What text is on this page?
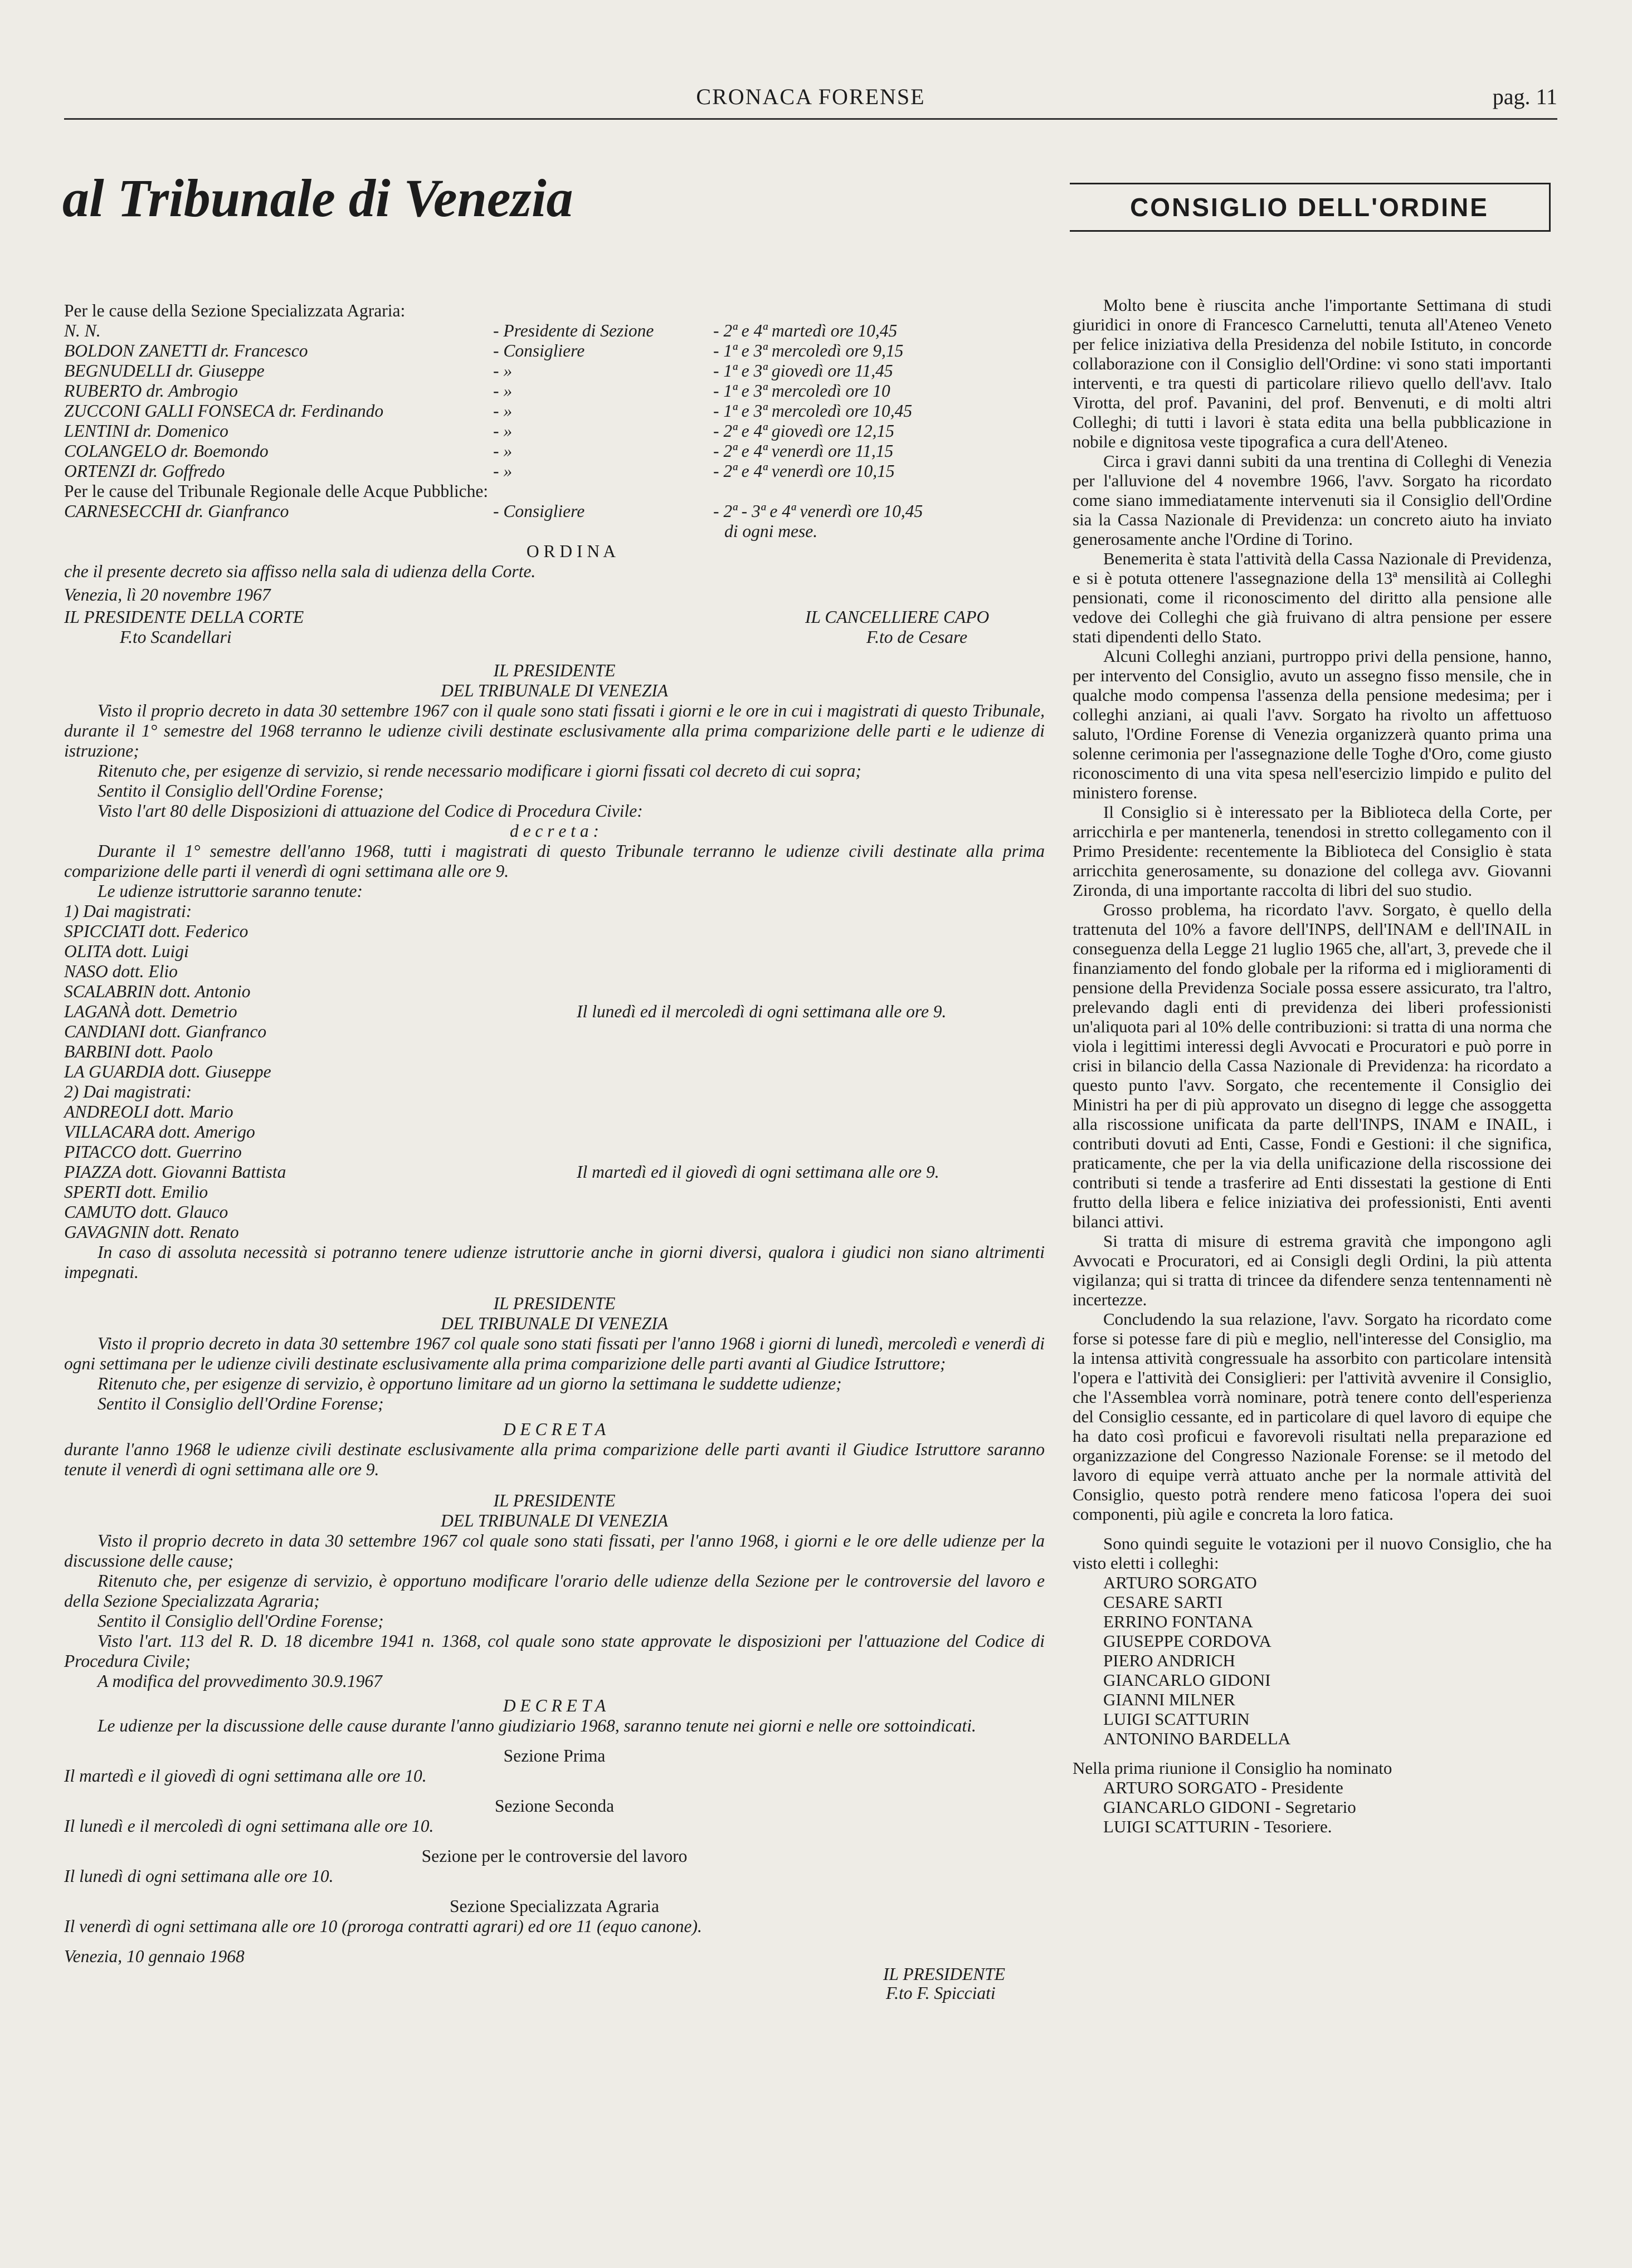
CRONACA FORENSE	pag. 11
al Tribunale di Venezia	CONSIGLIO DELL'ORDINE
Per le cause della Sezione Specializzata Agraria:
N. N.	- Presidente di Sezione	- 2ª e 4ª martedì ore 10,45
BOLDON ZANETTI dr. Francesco	- Consigliere	- 1ª e 3ª mercoledì ore 9,15
BEGNUDELLI dr. Giuseppe	- »	- 1ª e 3ª giovedì ore 11,45
RUBERTO dr. Ambrogio	- »	- 1ª e 3ª mercoledì ore 10
ZUCCONI GALLI FONSECA dr. Ferdinando	- »	- 1ª e 3ª mercoledì ore 10,45
LENTINI dr. Domenico	- »	- 2ª e 4ª giovedì ore 12,15
COLANGELO dr. Boemondo	- »	- 2ª e 4ª venerdì ore 11,15
ORTENZI dr. Goffredo	- »	- 2ª e 4ª venerdì ore 10,15
Per le cause del Tribunale Regionale delle Acque Pubbliche:
CARNESECCHI dr. Gianfranco	- Consigliere	- 2ª - 3ª e 4ª venerdì ore 10,45
di ogni mese.
O R D I N A
che il presente decreto sia affisso nella sala di udienza della Corte.
Venezia, lì 20 novembre 1967
IL PRESIDENTE DELLA CORTE	IL CANCELLIERE CAPO
F.to Scandellari	F.to de Cesare
IL PRESIDENTE
DEL TRIBUNALE DI VENEZIA
Visto il proprio decreto in data 30 settembre 1967 con il quale sono stati fissati i giorni e le ore in cui i magistrati di questo Tribunale, durante il 1° semestre del 1968 terranno le udienze civili destinate esclusivamente alla prima comparizione delle parti e le udienze di istruzione;
Ritenuto che, per esigenze di servizio, si rende necessario modificare i giorni fissati col decreto di cui sopra;
Sentito il Consiglio dell'Ordine Forense;
Visto l'art 80 delle Disposizioni di attuazione del Codice di Procedura Civile:
d e c r e t a :
Durante il 1° semestre dell'anno 1968, tutti i magistrati di questo Tribunale terranno le udienze civili destinate alla prima comparizione delle parti il venerdì di ogni settimana alle ore 9.
Le udienze istruttorie saranno tenute:
1) Dai magistrati:
SPICCIATI dott. Federico
OLITA dott. Luigi
NASO dott. Elio
SCALABRIN dott. Antonio
LAGANÀ dott. Demetrio
CANDIANI dott. Gianfranco
BARBINI dott. Paolo
LA GUARDIA dott. Giuseppe
Il lunedì ed il mercoledì di ogni settimana alle ore 9.
2) Dai magistrati:
ANDREOLI dott. Mario
VILLACARA dott. Amerigo
PITACCO dott. Guerrino
PIAZZA dott. Giovanni Battista
SPERTI dott. Emilio
CAMUTO dott. Glauco
GAVAGNIN dott. Renato
Il martedì ed il giovedì di ogni settimana alle ore 9.
In caso di assoluta necessità si potranno tenere udienze istruttorie anche in giorni diversi, qualora i giudici non siano altrimenti impegnati.
IL PRESIDENTE
DEL TRIBUNALE DI VENEZIA
Visto il proprio decreto in data 30 settembre 1967 col quale sono stati fissati per l'anno 1968 i giorni di lunedì, mercoledì e venerdì di ogni settimana per le udienze civili destinate esclusivamente alla prima comparizione delle parti avanti al Giudice Istruttore;
Ritenuto che, per esigenze di servizio, è opportuno limitare ad un giorno la settimana le suddette udienze;
Sentito il Consiglio dell'Ordine Forense;
D E C R E T A
durante l'anno 1968 le udienze civili destinate esclusivamente alla prima comparizione delle parti avanti il Giudice Istruttore saranno tenute il venerdì di ogni settimana alle ore 9.
IL PRESIDENTE
DEL TRIBUNALE DI VENEZIA
Visto il proprio decreto in data 30 settembre 1967 col quale sono stati fissati, per l'anno 1968, i giorni e le ore delle udienze per la discussione delle cause;
Ritenuto che, per esigenze di servizio, è opportuno modificare l'orario delle udienze della Sezione per le controversie del lavoro e della Sezione Specializzata Agraria;
Sentito il Consiglio dell'Ordine Forense;
Visto l'art. 113 del R. D. 18 dicembre 1941 n. 1368, col quale sono state approvate le disposizioni per l'attuazione del Codice di Procedura Civile;
A modifica del provvedimento 30.9.1967
D E C R E T A
Le udienze per la discussione delle cause durante l'anno giudiziario 1968, saranno tenute nei giorni e nelle ore sottoindicati.
Sezione Prima
Il martedì e il giovedì di ogni settimana alle ore 10.
Sezione Seconda
Il lunedì e il mercoledì di ogni settimana alle ore 10.
Sezione per le controversie del lavoro
Il lunedì di ogni settimana alle ore 10.
Sezione Specializzata Agraria
Il venerdì di ogni settimana alle ore 10 (proroga contratti agrari) ed ore 11 (equo canone).
Venezia, 10 gennaio 1968
IL PRESIDENTE
F.to F. Spicciati

Molto bene è riuscita anche l'importante Settimana di studi giuridici in onore di Francesco Carnelutti, tenuta all'Ateneo Veneto per felice iniziativa della Presidenza del nobile Istituto, in concorde collaborazione con il Consiglio dell'Ordine: vi sono stati importanti interventi, e tra questi di particolare rilievo quello dell'avv. Italo Virotta, del prof. Pavanini, del prof. Benvenuti, e di molti altri Colleghi; di tutti i lavori è stata edita una bella pubblicazione in nobile e dignitosa veste tipografica a cura dell'Ateneo.

Circa i gravi danni subiti da una trentina di Colleghi di Venezia per l'alluvione del 4 novembre 1966, l'avv. Sorgato ha ricordato come siano immediatamente intervenuti sia il Consiglio dell'Ordine sia la Cassa Nazionale di Previdenza: un concreto aiuto ha inviato generosamente anche l'Ordine di Torino.

Benemerita è stata l'attività della Cassa Nazionale di Previdenza, e si è potuta ottenere l'assegnazione della 13ª mensilità ai Colleghi pensionati, come il riconoscimento del diritto alla pensione alle vedove dei Colleghi che già fruivano di altra pensione per essere stati dipendenti dello Stato.

Alcuni Colleghi anziani, purtroppo privi della pensione, hanno, per intervento del Consiglio, avuto un assegno fisso mensile, che in qualche modo compensa l'assenza della pensione medesima; per i colleghi anziani, ai quali l'avv. Sorgato ha rivolto un affettuoso saluto, l'Ordine Forense di Venezia organizzerà quanto prima una solenne cerimonia per l'assegnazione delle Toghe d'Oro, come giusto riconoscimento di una vita spesa nell'esercizio limpido e pulito del ministero forense.

Il Consiglio si è interessato per la Biblioteca della Corte, per arricchirla e per mantenerla, tenendosi in stretto collegamento con il Primo Presidente: recentemente la Biblioteca del Consiglio è stata arricchita generosamente, su donazione del collega avv. Giovanni Zironda, di una importante raccolta di libri del suo studio.

Grosso problema, ha ricordato l'avv. Sorgato, è quello della trattenuta del 10% a favore dell'INPS, dell'INAM e dell'INAIL in conseguenza della Legge 21 luglio 1965 che, all'art, 3, prevede che il finanziamento del fondo globale per la riforma ed i miglioramenti di pensione della Previdenza Sociale possa essere assicurato, tra l'altro, prelevando dagli enti di previdenza dei liberi professionisti un'aliquota pari al 10% delle contribuzioni: si tratta di una norma che viola i legittimi interessi degli Avvocati e Procuratori e può porre in crisi in bilancio della Cassa Nazionale di Previdenza: ha ricordato a questo punto l'avv. Sorgato, che recentemente il Consiglio dei Ministri ha per di più approvato un disegno di legge che assoggetta alla riscossione unificata da parte dell'INPS, INAM e INAIL, i contributi dovuti ad Enti, Casse, Fondi e Gestioni: il che significa, praticamente, che per la via della unificazione della riscossione dei contributi si tende a trasferire ad Enti dissestati la gestione di Enti frutto della libera e felice iniziativa dei professionisti, Enti aventi bilanci attivi.

Si tratta di misure di estrema gravità che impongono agli Avvocati e Procuratori, ed ai Consigli degli Ordini, la più attenta vigilanza; qui si tratta di trincee da difendere senza tentennamenti nè incertezze.

Concludendo la sua relazione, l'avv. Sorgato ha ricordato come forse si potesse fare di più e meglio, nell'interesse del Consiglio, ma la intensa attività congressuale ha assorbito con particolare intensità l'opera e l'attività dei Consiglieri: per l'attività avvenire il Consiglio, che l'Assemblea vorrà nominare, potrà tenere conto dell'esperienza del Consiglio cessante, ed in particolare di quel lavoro di equipe che ha dato così proficui e favorevoli risultati nella preparazione ed organizzazione del Congresso Nazionale Forense: se il metodo del lavoro di equipe verrà attuato anche per la normale attività del Consiglio, questo potrà rendere meno faticosa l'opera dei suoi componenti, più agile e concreta la loro fatica.

Sono quindi seguite le votazioni per il nuovo Consiglio, che ha visto eletti i colleghi:

ARTURO SORGATO
CESARE SARTI
ERRINO FONTANA
GIUSEPPE CORDOVA
PIERO ANDRICH
GIANCARLO GIDONI
GIANNI MILNER
LUIGI SCATTURIN
ANTONINO BARDELLA
Nella prima riunione il Consiglio ha nominato
ARTURO SORGATO - Presidente
GIANCARLO GIDONI - Segretario
LUIGI SCATTURIN - Tesoriere.
